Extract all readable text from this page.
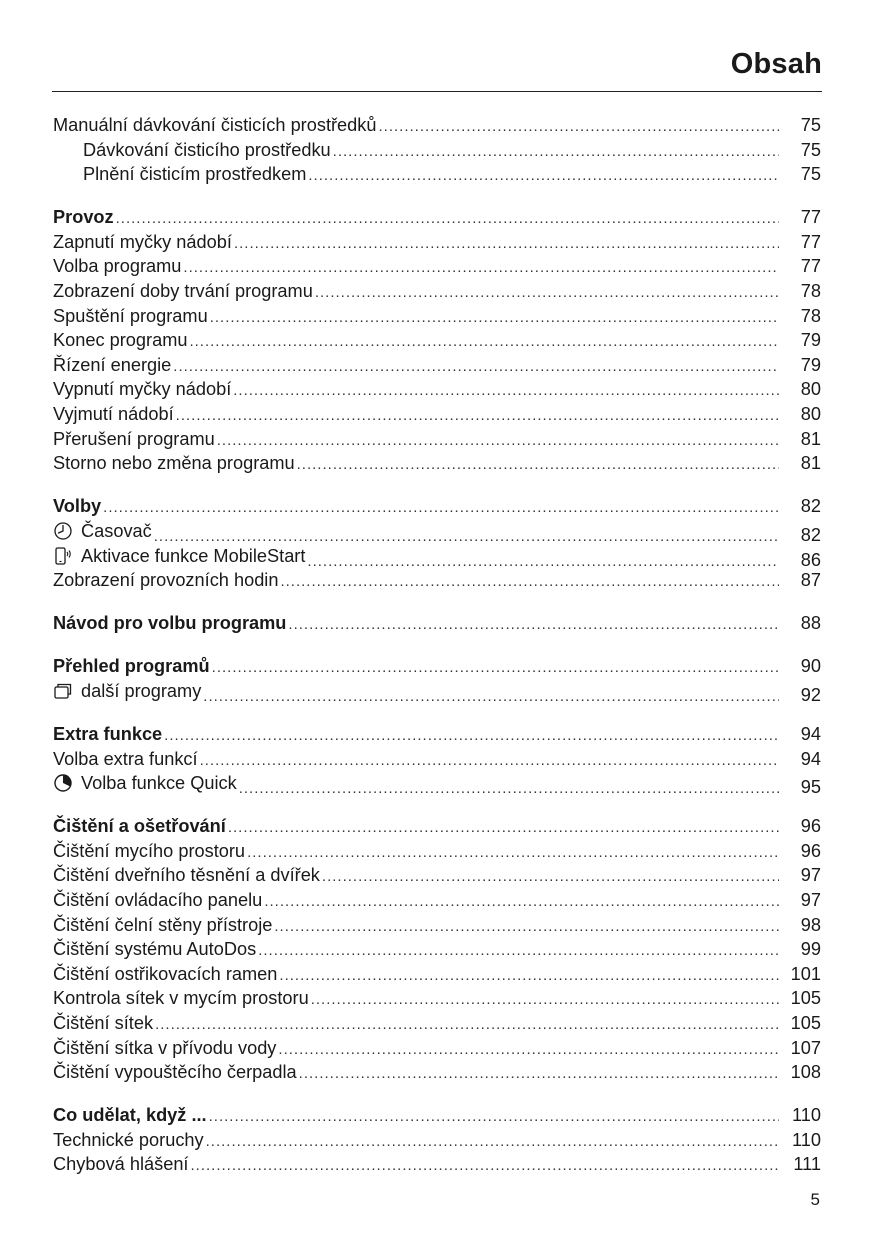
Obsah
Manuální dávkování čisticích prostředků .....	75
Dávkování čisticího prostředku .....	75
Plnění čisticím prostředkem .....	75
Provoz .....	77
Zapnutí myčky nádobí .....	77
Volba programu .....	77
Zobrazení doby trvání programu .....	78
Spuštění programu .....	78
Konec programu .....	79
Řízení energie .....	79
Vypnutí myčky nádobí .....	80
Vyjmutí nádobí .....	80
Přerušení programu .....	81
Storno nebo změna programu .....	81
Volby .....	82
Časovač .....	82
Aktivace funkce MobileStart .....	86
Zobrazení provozních hodin .....	87
Návod pro volbu programu .....	88
Přehled programů .....	90
další programy .....	92
Extra funkce .....	94
Volba extra funkcí .....	94
Volba funkce Quick .....	95
Čištění a ošetřování .....	96
Čištění mycího prostoru .....	96
Čištění dveřního těsnění a dvířek .....	97
Čištění ovládacího panelu .....	97
Čištění čelní stěny přístroje .....	98
Čištění systému AutoDos .....	99
Čištění ostřikovacích ramen .....	101
Kontrola sítek v mycím prostoru .....	105
Čištění sítek .....	105
Čištění sítka v přívodu vody .....	107
Čištění vypouštěcího čerpadla .....	108
Co udělat, když ... .....	110
Technické poruchy .....	110
Chybová hlášení .....	111
5
